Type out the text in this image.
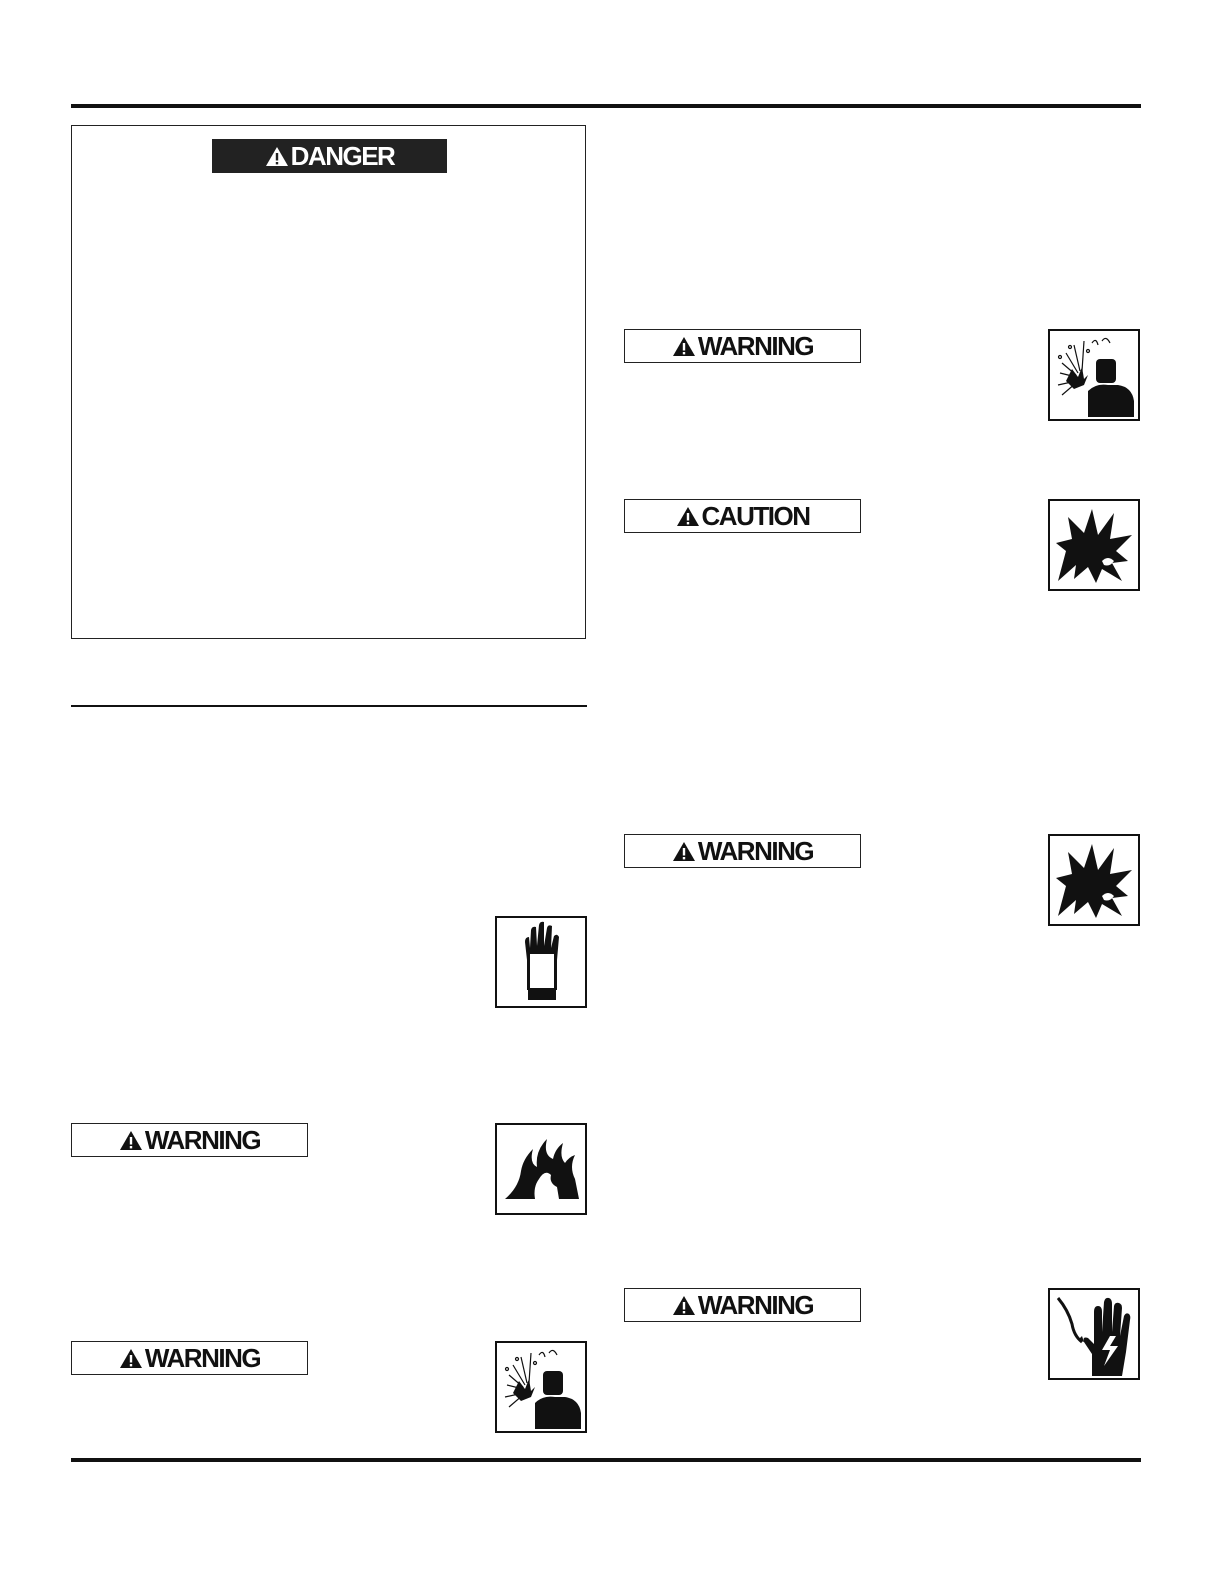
DANGER
WARNING
WARNING
WARNING
CAUTION
WARNING
WARNING
